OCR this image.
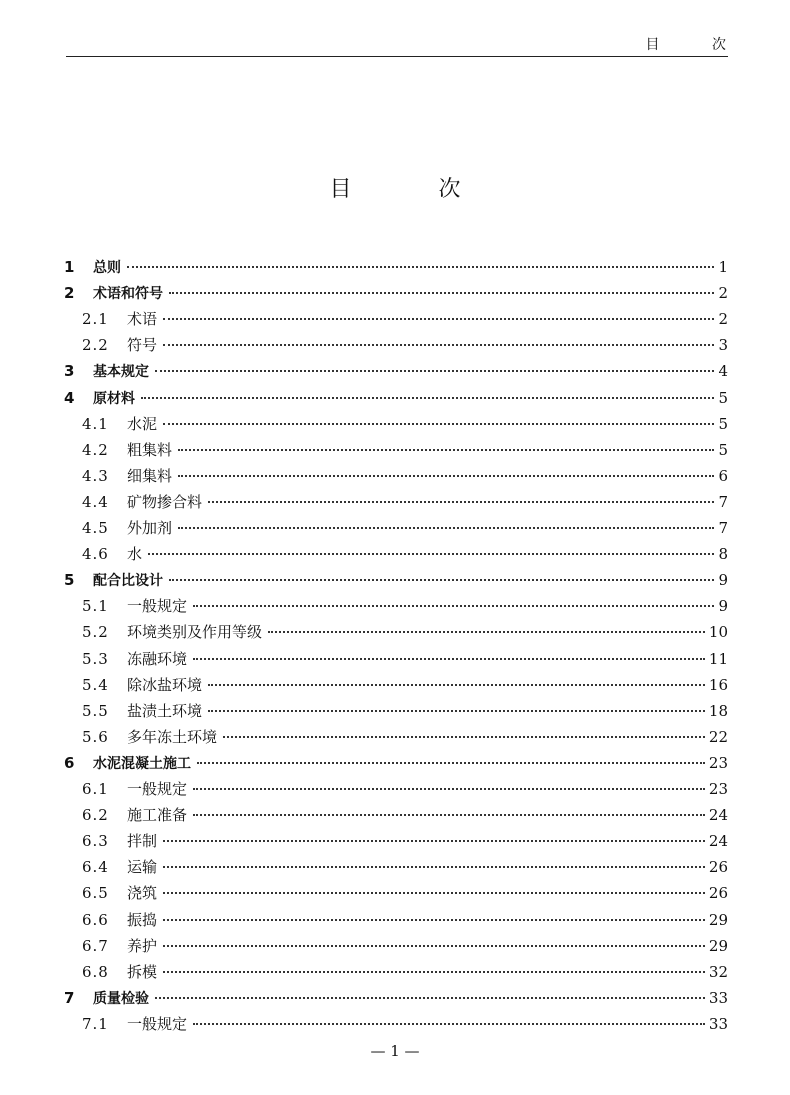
目 次
目 次
1	总则	1
2	术语和符号	2
2.1	术语	2
2.2	符号	3
3	基本规定	4
4	原材料	5
4.1	水泥	5
4.2	粗集料	5
4.3	细集料	6
4.4	矿物掺合料	7
4.5	外加剂	7
4.6	水	8
5	配合比设计	9
5.1	一般规定	9
5.2	环境类别及作用等级	10
5.3	冻融环境	11
5.4	除冰盐环境	16
5.5	盐渍土环境	18
5.6	多年冻土环境	22
6	水泥混凝土施工	23
6.1	一般规定	23
6.2	施工准备	24
6.3	拌制	24
6.4	运输	26
6.5	浇筑	26
6.6	振捣	29
6.7	养护	29
6.8	拆模	32
7	质量检验	33
7.1	一般规定	33
— 1 —
